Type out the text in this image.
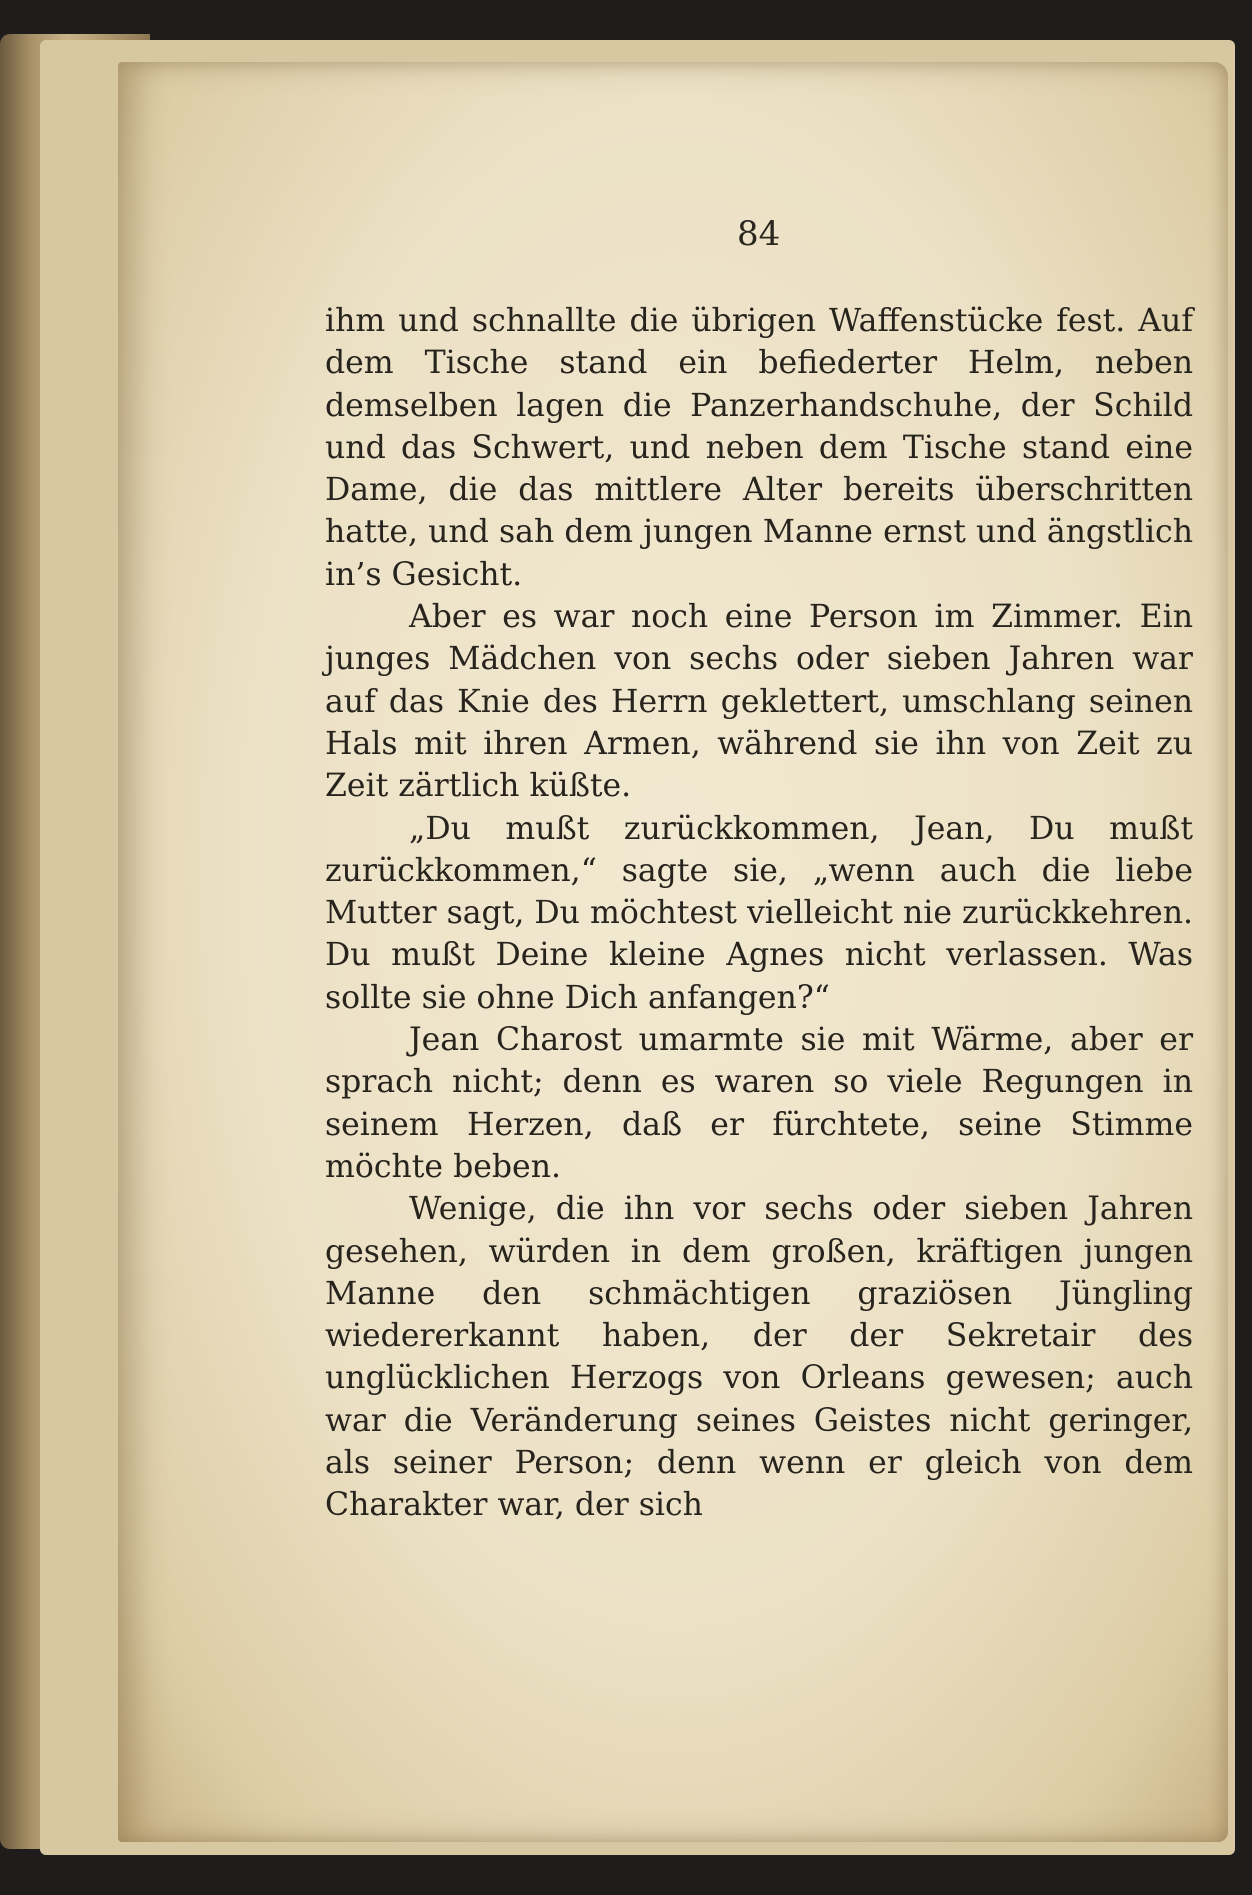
84

ihm und schnallte die übrigen Waffenstücke fest. Auf dem Tische stand ein befiederter Helm, neben demselben lagen die Panzerhandschuhe, der Schild und das Schwert, und neben dem Tische stand eine Dame, die das mittlere Alter bereits überschritten hatte, und sah dem jungen Manne ernst und ängstlich in’s Gesicht.

Aber es war noch eine Person im Zimmer. Ein junges Mädchen von sechs oder sieben Jahren war auf das Knie des Herrn geklettert, umschlang seinen Hals mit ihren Armen, während sie ihn von Zeit zu Zeit zärtlich küßte.

„Du mußt zurückkommen, Jean, Du mußt zurückkommen,“ sagte sie, „wenn auch die liebe Mutter sagt, Du möchtest vielleicht nie zurückkehren. Du mußt Deine kleine Agnes nicht verlassen. Was sollte sie ohne Dich anfangen?“

Jean Charost umarmte sie mit Wärme, aber er sprach nicht; denn es waren so viele Regungen in seinem Herzen, daß er fürchtete, seine Stimme möchte beben.

Wenige, die ihn vor sechs oder sieben Jahren gesehen, würden in dem großen, kräftigen jungen Manne den schmächtigen graziösen Jüngling wiedererkannt haben, der der Sekretair des unglücklichen Herzogs von Orleans gewesen; auch war die Veränderung seines Geistes nicht geringer, als seiner Person; denn wenn er gleich von dem Charakter war, der sich
